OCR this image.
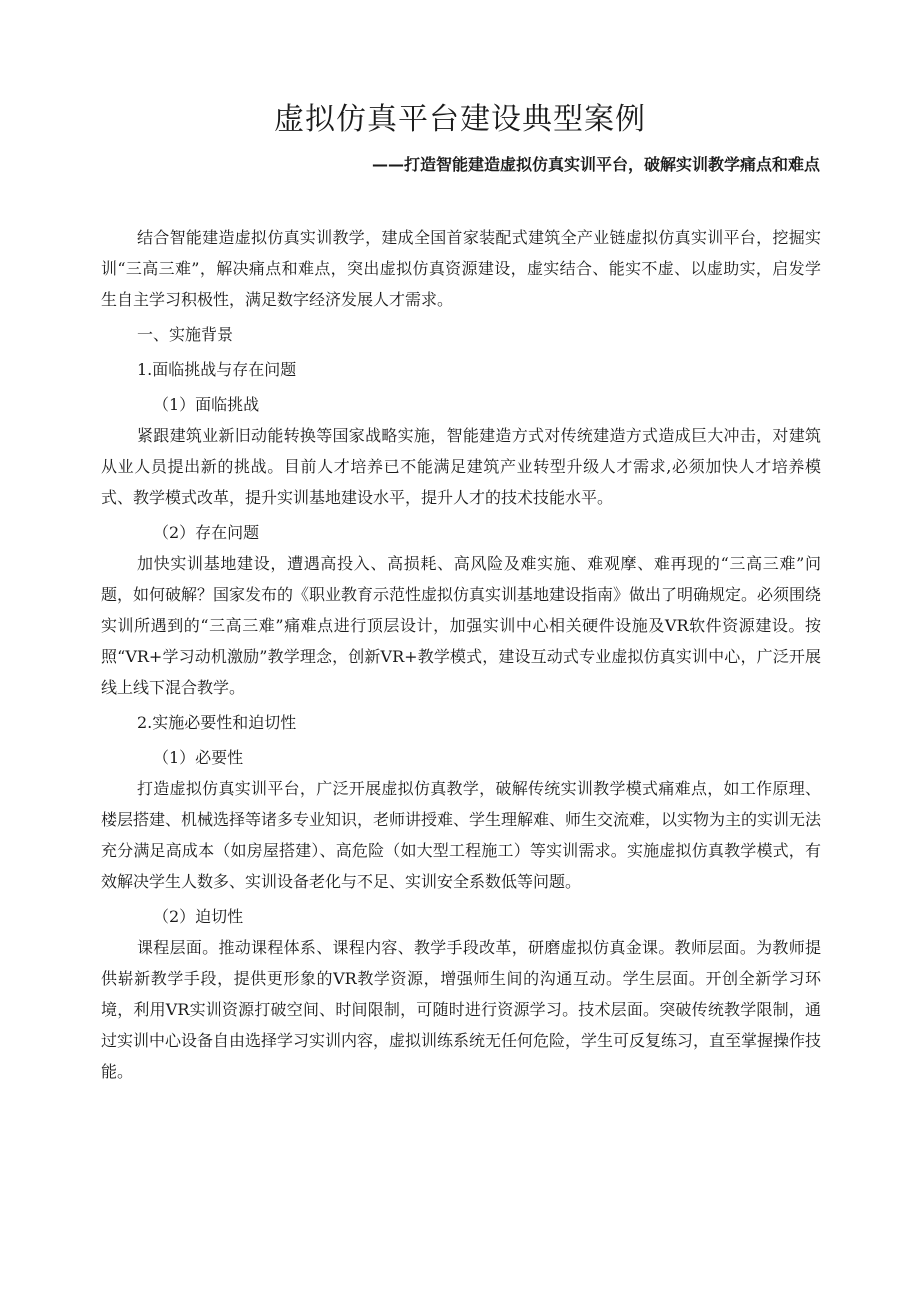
虚拟仿真平台建设典型案例
——打造智能建造虚拟仿真实训平台，破解实训教学痛点和难点

结合智能建造虚拟仿真实训教学，建成全国首家装配式建筑全产业链虚拟仿真实训平台，挖掘实训“三高三难”，解决痛点和难点，突出虚拟仿真资源建设，虚实结合、能实不虚、以虚助实，启发学生自主学习积极性，满足数字经济发展人才需求。

一、实施背景

1.面临挑战与存在问题

（1）面临挑战

紧跟建筑业新旧动能转换等国家战略实施，智能建造方式对传统建造方式造成巨大冲击，对建筑从业人员提出新的挑战。目前人才培养已不能满足建筑产业转型升级人才需求,必须加快人才培养模式、教学模式改革，提升实训基地建设水平，提升人才的技术技能水平。

（2）存在问题

加快实训基地建设，遭遇高投入、高损耗、高风险及难实施、难观摩、难再现的“三高三难”问题，如何破解？国家发布的《职业教育示范性虚拟仿真实训基地建设指南》做出了明确规定。必须围绕实训所遇到的“三高三难”痛难点进行顶层设计，加强实训中心相关硬件设施及VR软件资源建设。按照“VR+学习动机激励”教学理念，创新VR+教学模式，建设互动式专业虚拟仿真实训中心，广泛开展线上线下混合教学。

2.实施必要性和迫切性

（1）必要性

打造虚拟仿真实训平台，广泛开展虚拟仿真教学，破解传统实训教学模式痛难点，如工作原理、楼层搭建、机械选择等诸多专业知识，老师讲授难、学生理解难、师生交流难，以实物为主的实训无法充分满足高成本（如房屋搭建）、高危险（如大型工程施工）等实训需求。实施虚拟仿真教学模式，有效解决学生人数多、实训设备老化与不足、实训安全系数低等问题。

（2）迫切性

课程层面。推动课程体系、课程内容、教学手段改革，研磨虚拟仿真金课。教师层面。为教师提供崭新教学手段，提供更形象的VR教学资源，增强师生间的沟通互动。学生层面。开创全新学习环境，利用VR实训资源打破空间、时间限制，可随时进行资源学习。技术层面。突破传统教学限制，通过实训中心设备自由选择学习实训内容，虚拟训练系统无任何危险，学生可反复练习，直至掌握操作技能。
